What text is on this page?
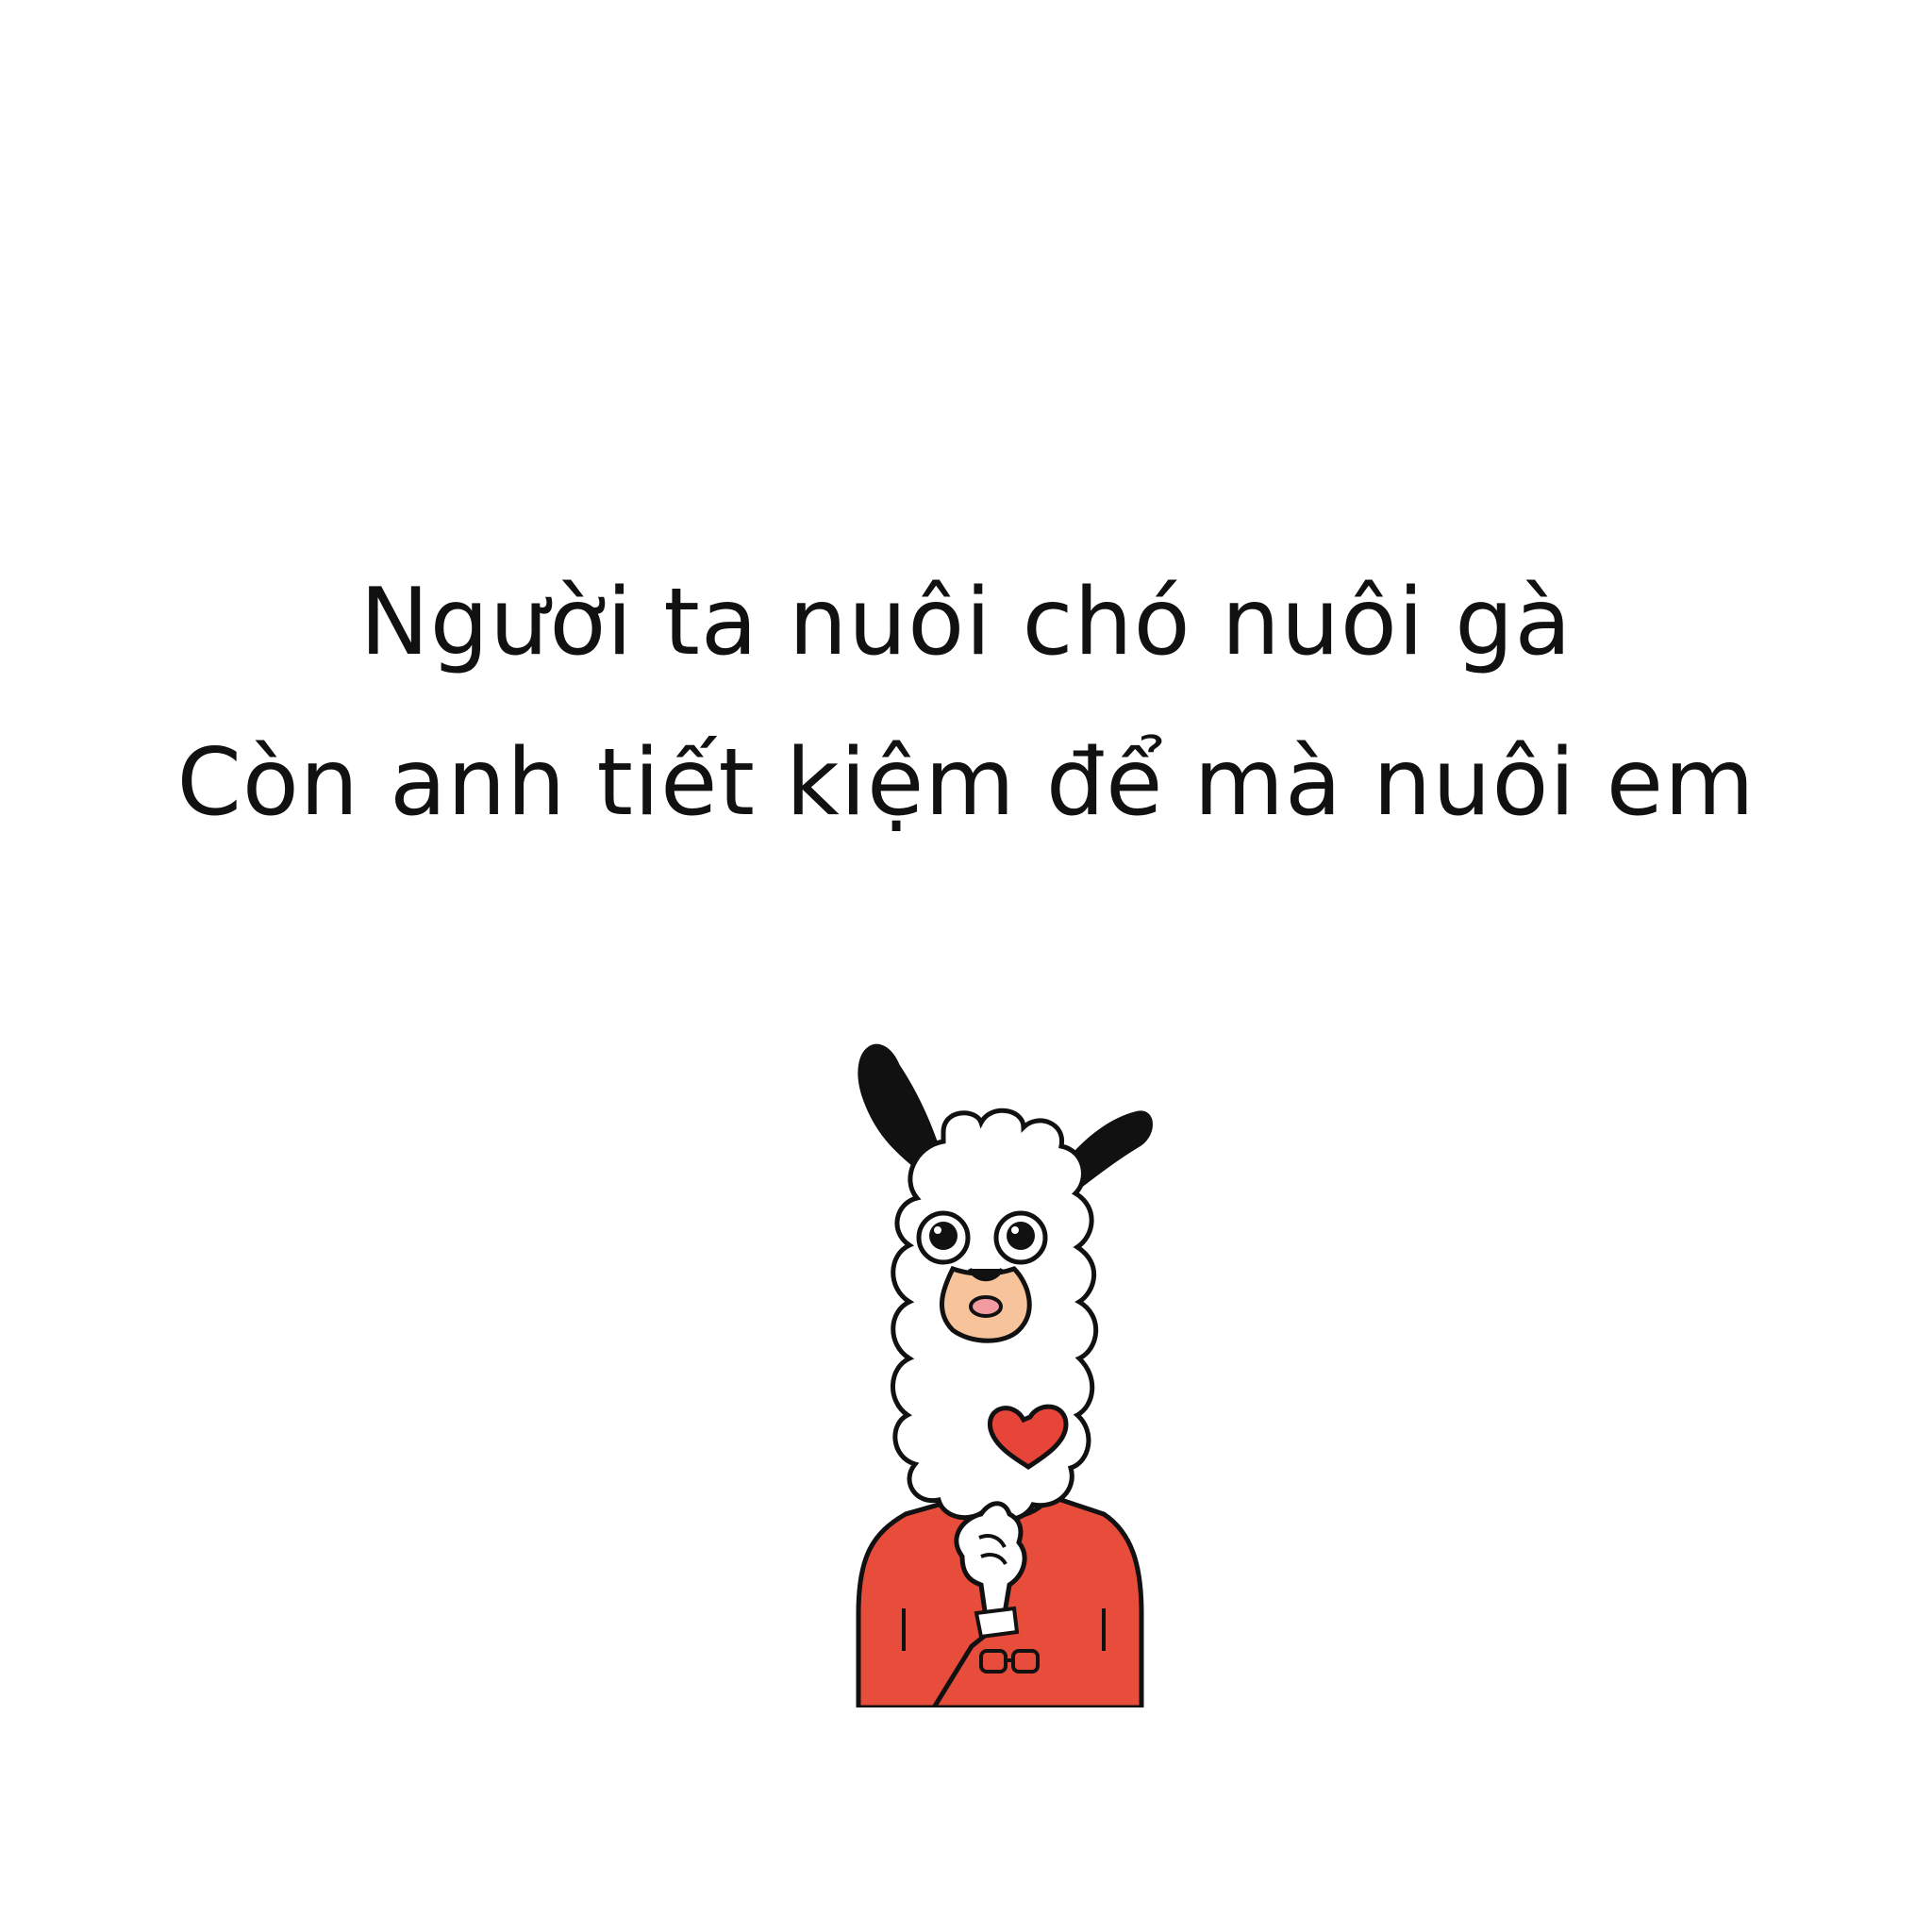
Người ta nuôi chó nuôi gà
Còn anh tiết kiệm để mà nuôi em
